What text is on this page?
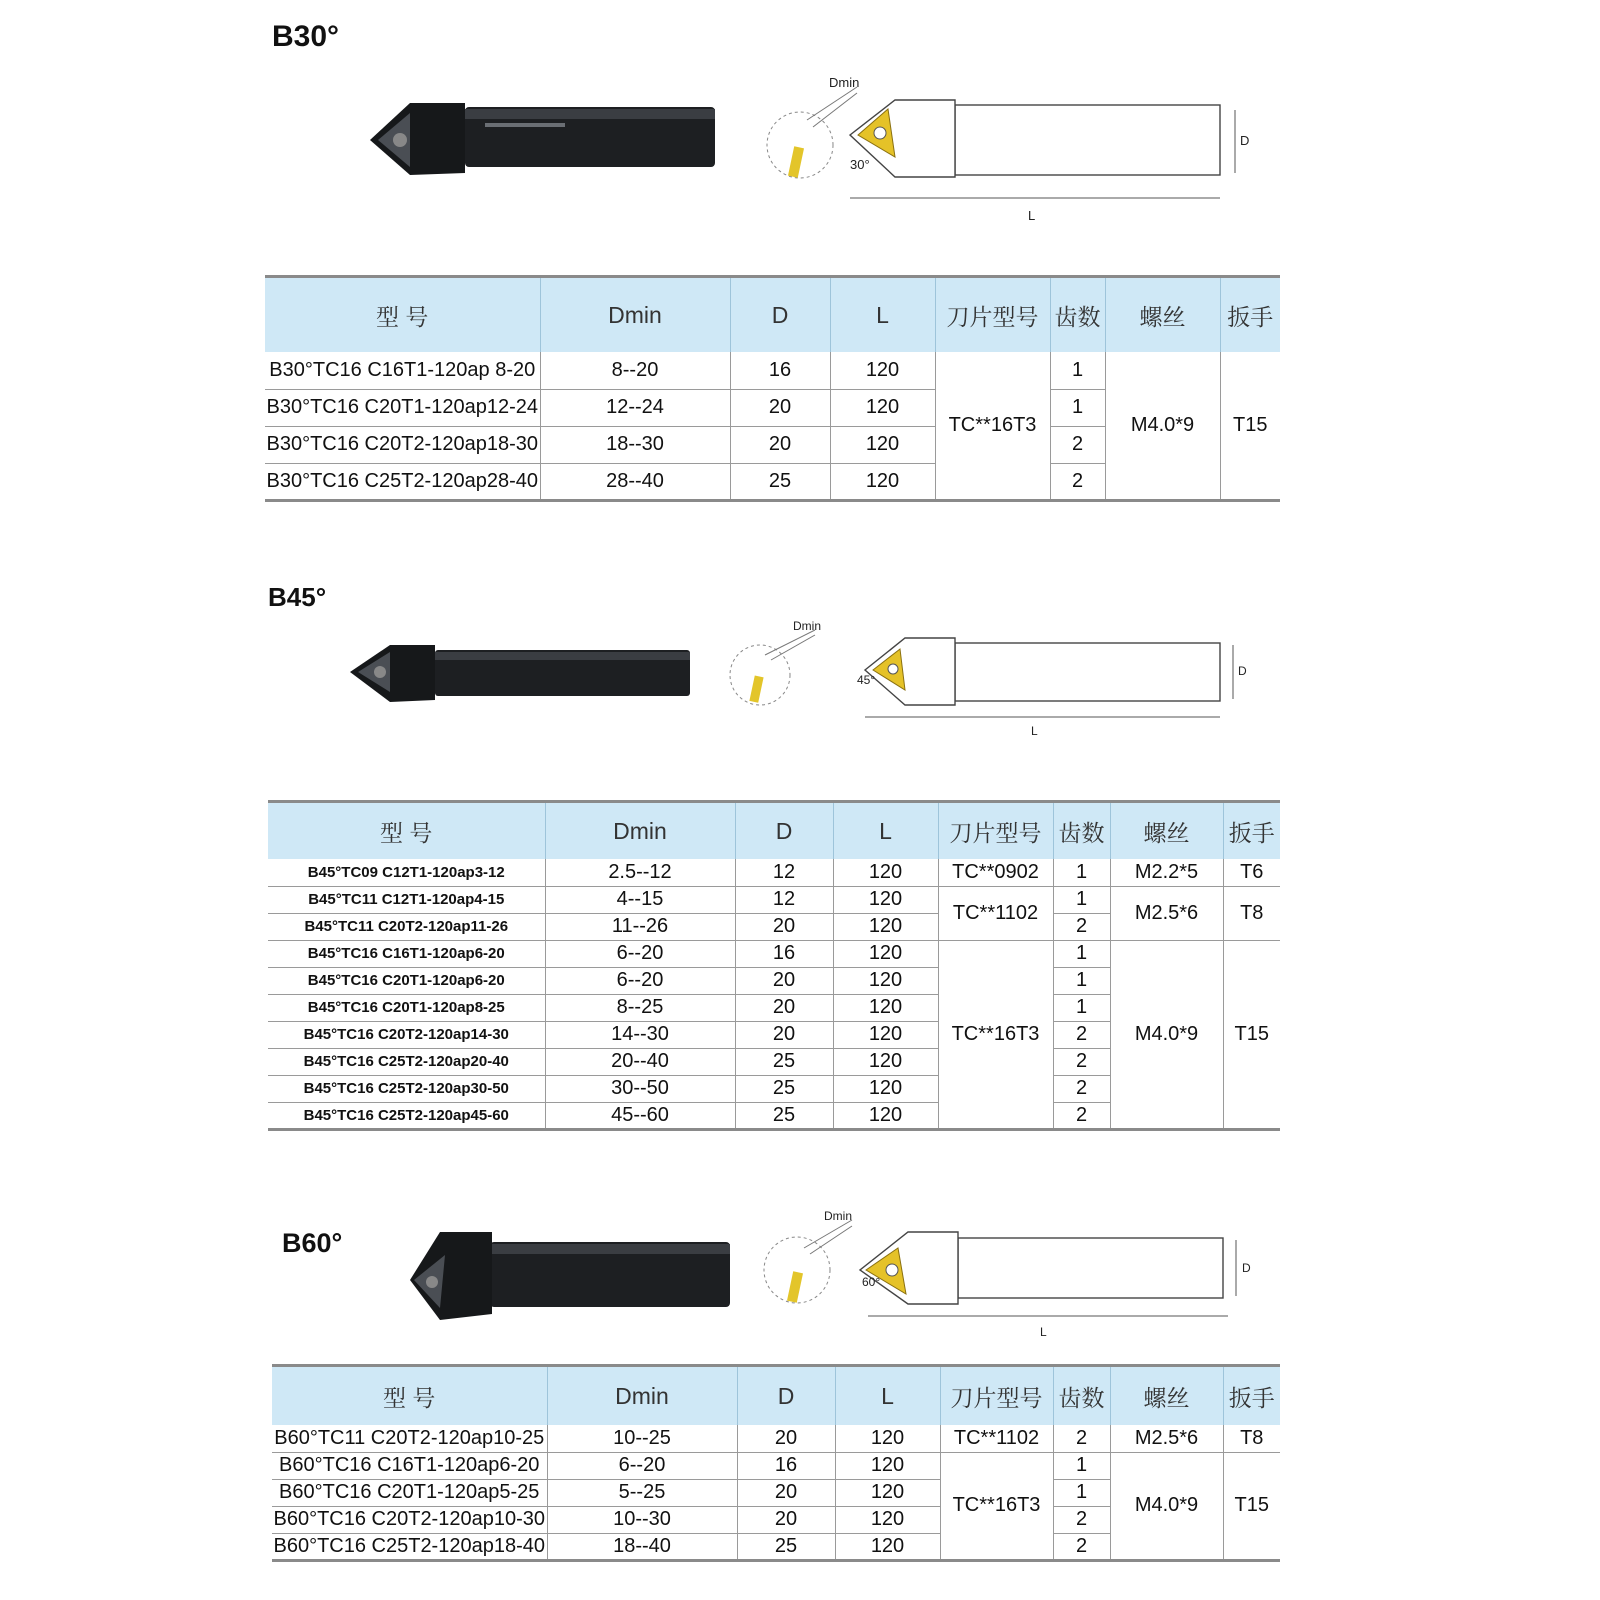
B30°
Dmin
30°
D
L
型 号	Dmin	D	L	刀片型号	齿数	螺丝	扳手
B30°TC16 C16T1-120ap 8-20	8--20	16	120	TC**16T3	1	M4.0*9	T15
B30°TC16 C20T1-120ap12-24	12--24	20	120		1		
B30°TC16 C20T2-120ap18-30	18--30	20	120		2		
B30°TC16 C25T2-120ap28-40	28--40	25	120		2		
B45°
Dmin
45°
D
L
型 号	Dmin	D	L	刀片型号	齿数	螺丝	扳手
B45°TC09 C12T1-120ap3-12	2.5--12	12	120	TC**0902	1	M2.2*5	T6
B45°TC11 C12T1-120ap4-15	4--15	12	120	TC**1102	1	M2.5*6	T8
B45°TC11 C20T2-120ap11-26	11--26	20	120		2		
B45°TC16 C16T1-120ap6-20	6--20	16	120	TC**16T3	1	M4.0*9	T15
B45°TC16 C20T1-120ap6-20	6--20	20	120		1		
B45°TC16 C20T1-120ap8-25	8--25	20	120		1		
B45°TC16 C20T2-120ap14-30	14--30	20	120		2		
B45°TC16 C25T2-120ap20-40	20--40	25	120		2		
B45°TC16 C25T2-120ap30-50	30--50	25	120		2		
B45°TC16 C25T2-120ap45-60	45--60	25	120		2		
B60°
Dmin
60°
D
L
型 号	Dmin	D	L	刀片型号	齿数	螺丝	扳手
B60°TC11 C20T2-120ap10-25	10--25	20	120	TC**1102	2	M2.5*6	T8
B60°TC16 C16T1-120ap6-20	6--20	16	120	TC**16T3	1	M4.0*9	T15
B60°TC16 C20T1-120ap5-25	5--25	20	120		1		
B60°TC16 C20T2-120ap10-30	10--30	20	120		2		
B60°TC16 C25T2-120ap18-40	18--40	25	120		2		
